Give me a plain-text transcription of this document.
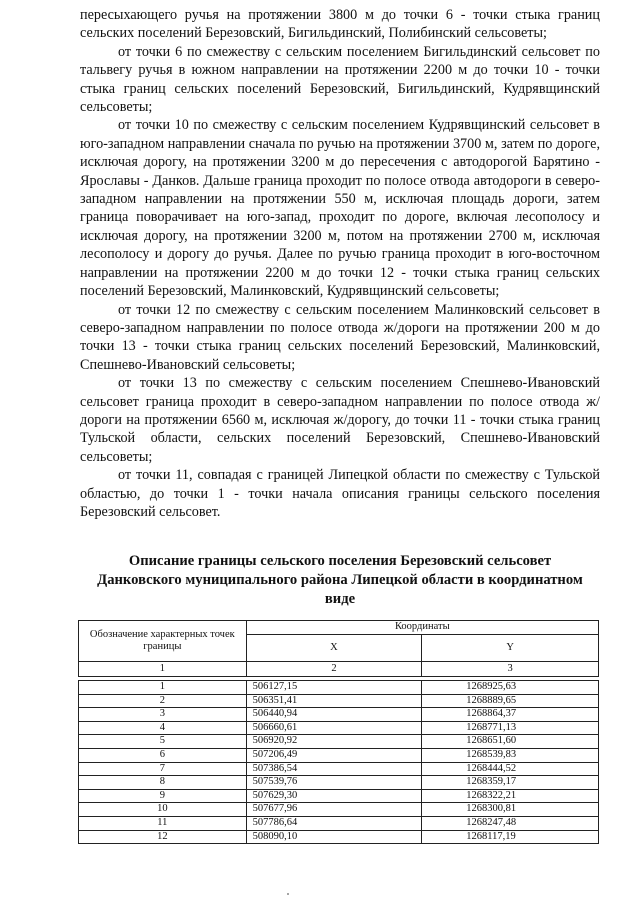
пересыхающего ручья на протяжении 3800 м до точки 6 - точки стыка границ сельских поселений Березовский, Бигильдинский, Полибинский сельсоветы;

от точки 6 по смежеству с сельским поселением Бигильдинский сельсовет по тальвегу ручья в южном направлении на протяжении 2200 м до точки 10 - точки стыка границ сельских поселений Березовский, Бигильдинский, Кудрявщинский сельсоветы;

от точки 10 по смежеству с сельским поселением Кудрявщинский сельсовет в юго-западном направлении сначала по ручью на протяжении 3700 м, затем по дороге, исключая дорогу, на протяжении 3200 м до пересечения с автодорогой Барятино - Ярославы - Данков. Дальше граница проходит по полосе отвода автодороги в северо-западном направлении на протяжении 550 м, исключая площадь дороги, затем граница поворачивает на юго-запад, проходит по дороге, включая лесополосу и исключая дорогу, на протяжении 3200 м, потом на протяжении 2700 м, исключая лесополосу и дорогу до ручья. Далее по ручью граница проходит в юго-восточном направлении на протяжении 2200 м до точки 12 - точки стыка границ сельских поселений Березовский, Малинковский, Кудрявщинский сельсоветы;

от точки 12 по смежеству с сельским поселением Малинковский сельсовет в северо-западном направлении по полосе отвода ж/дороги на протяжении 200 м до точки 13 - точки стыка границ сельских поселений Березовский, Малинковский, Спешнево-Ивановский сельсоветы;

от точки 13 по смежеству с сельским поселением Спешнево-Ивановский сельсовет граница проходит в северо-западном направлении по полосе отвода ж/дороги на протяжении 6560 м, исключая ж/дорогу, до точки 11 - точки стыка границ Тульской области, сельских поселений Березовский, Спешнево-Ивановский сельсоветы;

от точки 11, совпадая с границей Липецкой области по смежеству с Тульской областью, до точки 1 - точки начала описания границы сельского поселения Березовский сельсовет.

Описание границы сельского поселения Березовский сельсовет
Данковского муниципального района Липецкой области в координатном
виде
Обозначение характерных точек границы	Координаты	
	X	Y
1	2	3

1	506127,15	1268925,63
2	506351,41	1268889,65
3	506440,94	1268864,37
4	506660,61	1268771,13
5	506920,92	1268651,60
6	507206,49	1268539,83
7	507386,54	1268444,52
8	507539,76	1268359,17
9	507629,30	1268322,21
10	507677,96	1268300,81
11	507786,64	1268247,48
12	508090,10	1268117,19
